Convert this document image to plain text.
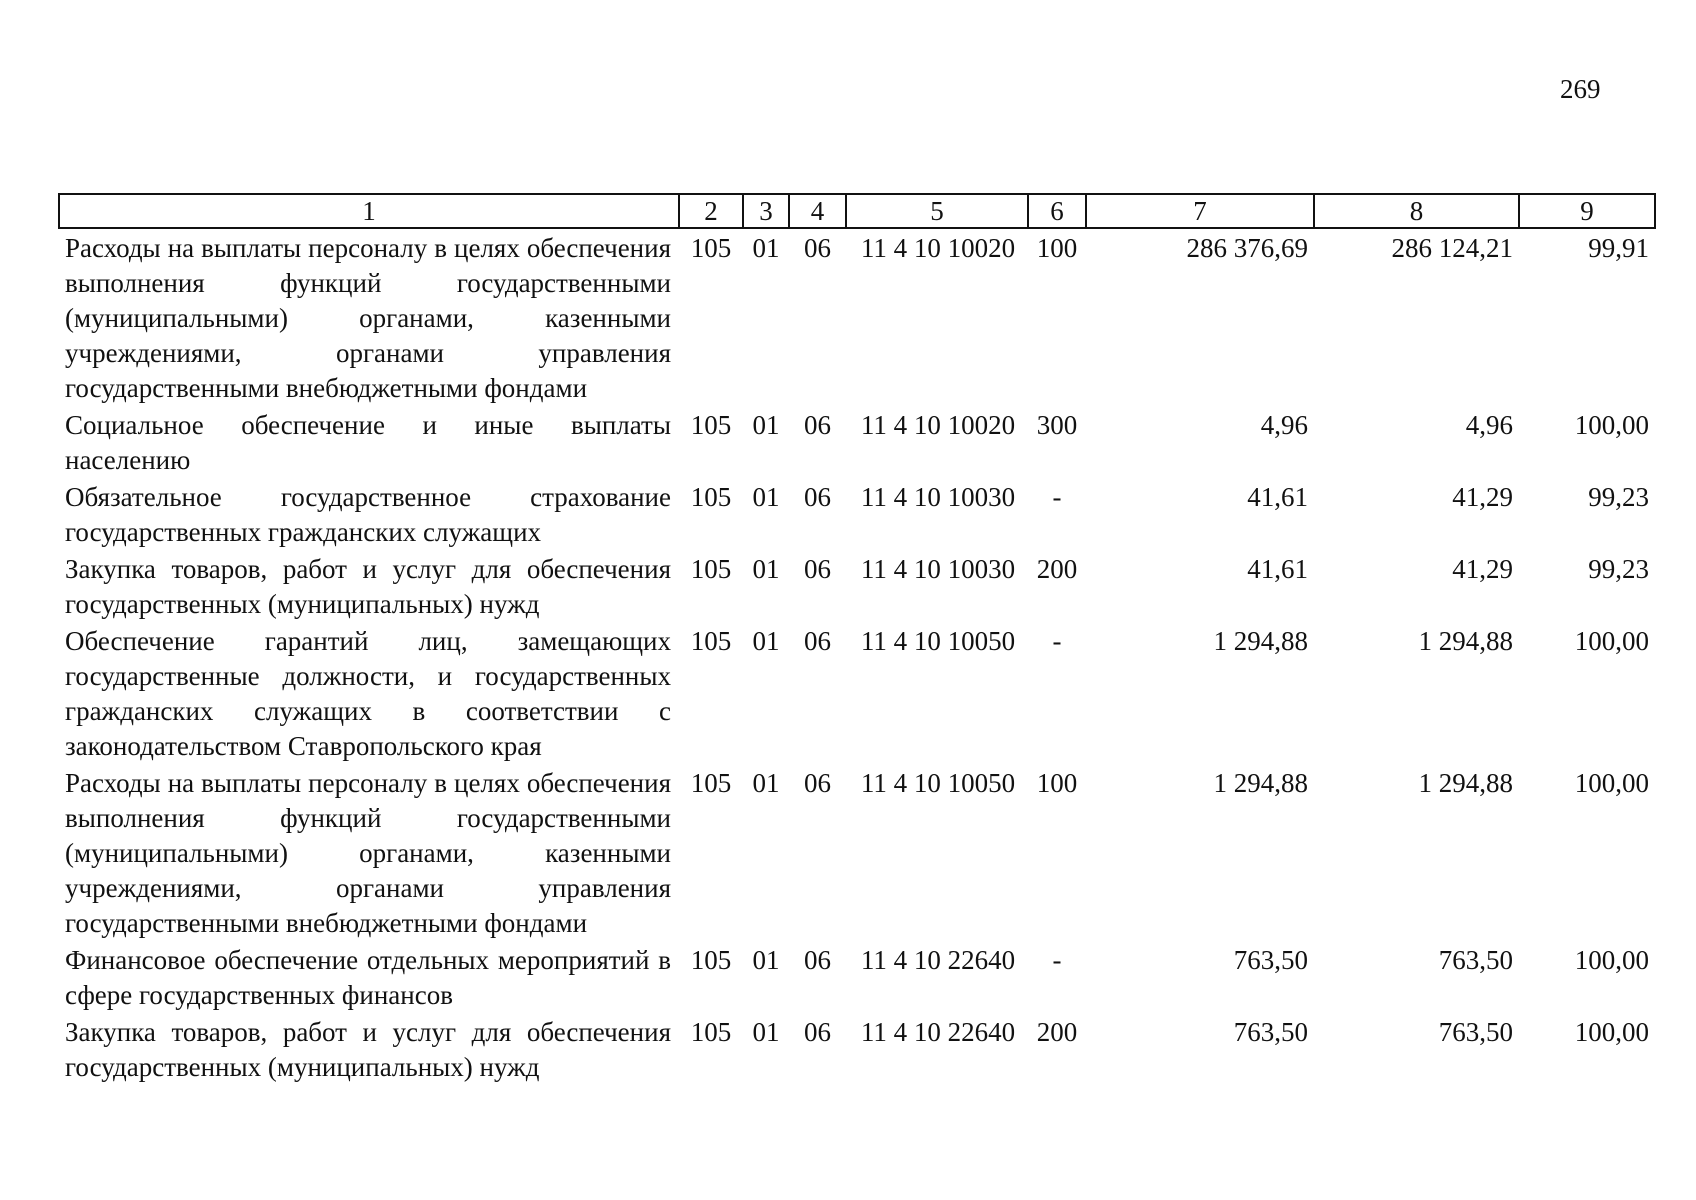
269
1	2	3	4	5	6	7	8	9
Расходы на выплаты персоналу в целях обеспечения выполнения функций государственными (муниципальными) органами, казенными учреждениями, органами управления государственными внебюджетными фондами	105	01	06	11 4 10 10020	100	286 376,69	286 124,21	99,91
Социальное обеспечение и иные выплаты населению	105	01	06	11 4 10 10020	300	4,96	4,96	100,00
Обязательное государственное страхование государственных гражданских служащих	105	01	06	11 4 10 10030	-	41,61	41,29	99,23
Закупка товаров, работ и услуг для обеспечения государственных (муниципальных) нужд	105	01	06	11 4 10 10030	200	41,61	41,29	99,23
Обеспечение гарантий лиц, замещающих государственные должности, и государственных гражданских служащих в соответствии с законодательством Ставропольского края	105	01	06	11 4 10 10050	-	1 294,88	1 294,88	100,00
Расходы на выплаты персоналу в целях обеспечения выполнения функций государственными (муниципальными) органами, казенными учреждениями, органами управления государственными внебюджетными фондами	105	01	06	11 4 10 10050	100	1 294,88	1 294,88	100,00
Финансовое обеспечение отдельных мероприятий в сфере государственных финансов	105	01	06	11 4 10 22640	-	763,50	763,50	100,00
Закупка товаров, работ и услуг для обеспечения государственных (муниципальных) нужд	105	01	06	11 4 10 22640	200	763,50	763,50	100,00
